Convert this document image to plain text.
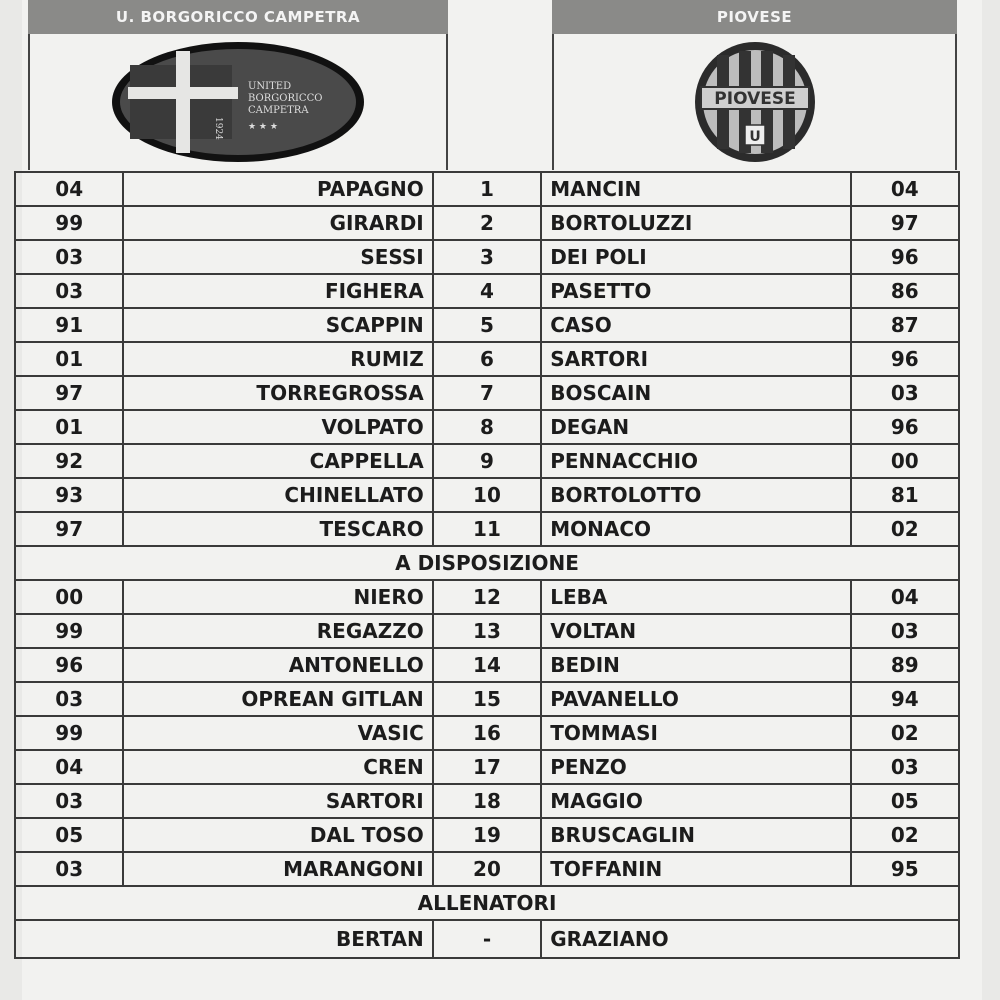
U. BORGORICCO CAMPETRA	PIOVESE
1924
UNITED
BORGORICCO
CAMPETRA
★ ★ ★
PIOVESE
U
04	PAPAGNO	1	MANCIN	04
99	GIRARDI	2	BORTOLUZZI	97
03	SESSI	3	DEI POLI	96
03	FIGHERA	4	PASETTO	86
91	SCAPPIN	5	CASO	87
01	RUMIZ	6	SARTORI	96
97	TORREGROSSA	7	BOSCAIN	03
01	VOLPATO	8	DEGAN	96
92	CAPPELLA	9	PENNACCHIO	00
93	CHINELLATO	10	BORTOLOTTO	81
97	TESCARO	11	MONACO	02
A DISPOSIZIONE				
00	NIERO	12	LEBA	04
99	REGAZZO	13	VOLTAN	03
96	ANTONELLO	14	BEDIN	89
03	OPREAN GITLAN	15	PAVANELLO	94
99	VASIC	16	TOMMASI	02
04	CREN	17	PENZO	03
03	SARTORI	18	MAGGIO	05
05	DAL TOSO	19	BRUSCAGLIN	02
03	MARANGONI	20	TOFFANIN	95
ALLENATORI				
BERTAN		-	GRAZIANO	
